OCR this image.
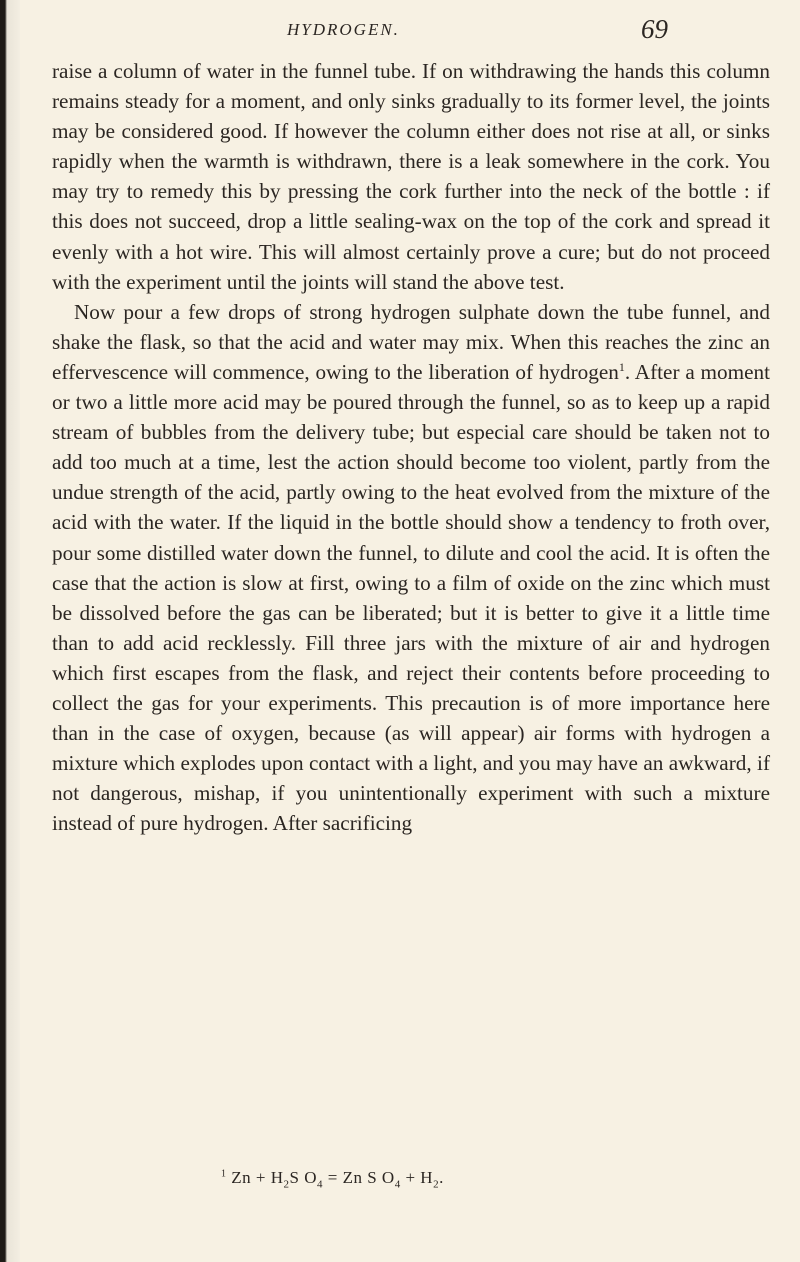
HYDROGEN.	69

raise a column of water in the funnel tube. If on withdrawing the hands this column remains steady for a moment, and only sinks gradually to its former level, the joints may be considered good. If however the column either does not rise at all, or sinks rapidly when the warmth is withdrawn, there is a leak somewhere in the cork. You may try to remedy this by pressing the cork further into the neck of the bottle : if this does not succeed, drop a little sealing-wax on the top of the cork and spread it evenly with a hot wire. This will almost certainly prove a cure; but do not proceed with the experiment until the joints will stand the above test.

Now pour a few drops of strong hydrogen sulphate down the tube funnel, and shake the flask, so that the acid and water may mix. When this reaches the zinc an effervescence will commence, owing to the liberation of hydrogen$^1$. After a moment or two a little more acid may be poured through the funnel, so as to keep up a rapid stream of bubbles from the delivery tube; but especial care should be taken not to add too much at a time, lest the action should become too violent, partly from the undue strength of the acid, partly owing to the heat evolved from the mixture of the acid with the water. If the liquid in the bottle should show a tendency to froth over, pour some distilled water down the funnel, to dilute and cool the acid. It is often the case that the action is slow at first, owing to a film of oxide on the zinc which must be dissolved before the gas can be liberated; but it is better to give it a little time than to add acid recklessly. Fill three jars with the mixture of air and hydrogen which first escapes from the flask, and reject their contents before proceeding to collect the gas for your experiments. This precaution is of more importance here than in the case of oxygen, because (as will appear) air forms with hydrogen a mixture which explodes upon contact with a light, and you may have an awkward, if not dangerous, mishap, if you unintentionally experiment with such a mixture instead of pure hydrogen. After sacrificing

$^1$ $Zn + H_2S$ $O_4 = Zn$ S $O_4 + H_2$.
